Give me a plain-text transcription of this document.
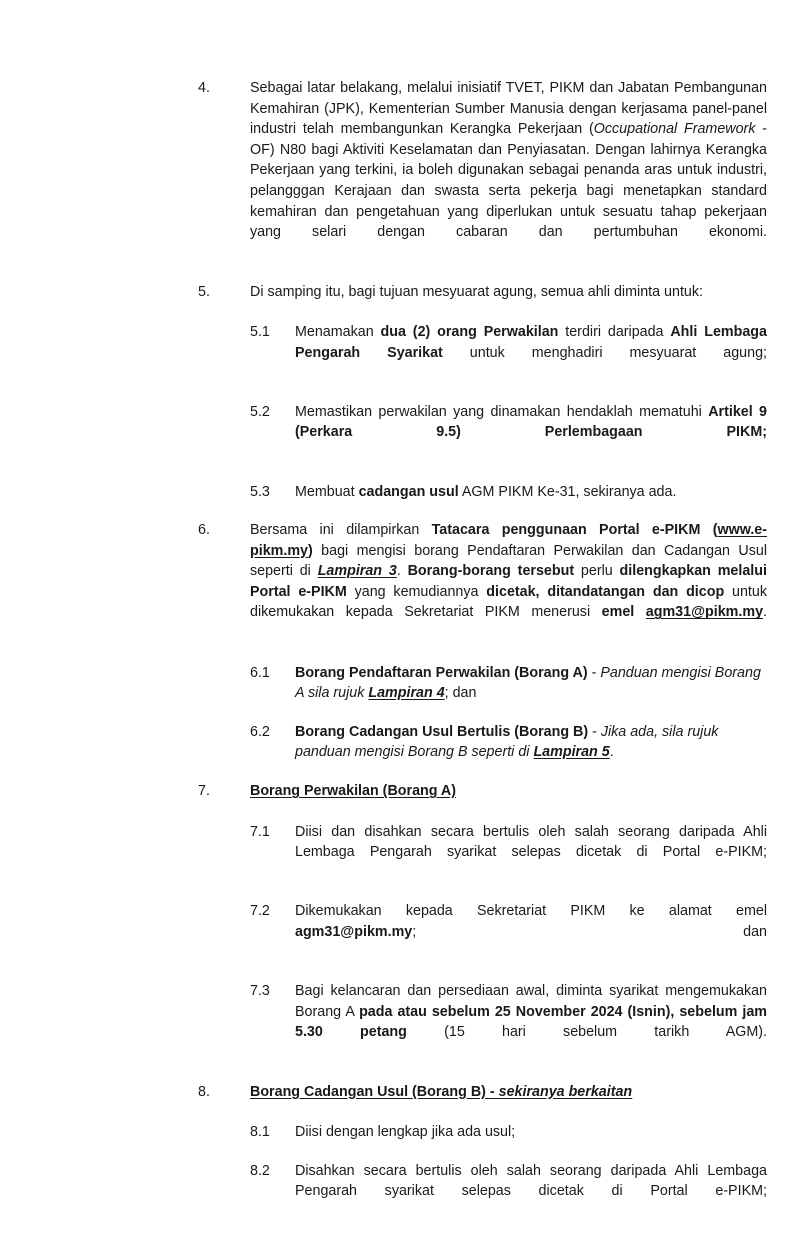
4.	Sebagai latar belakang, melalui inisiatif TVET, PIKM dan Jabatan Pembangunan Kemahiran (JPK), Kementerian Sumber Manusia dengan kerjasama panel-panel industri telah membangunkan Kerangka Pekerjaan (Occupational Framework - OF) N80 bagi Aktiviti Keselamatan dan Penyiasatan. Dengan lahirnya Kerangka Pekerjaan yang terkini, ia boleh digunakan sebagai penanda aras untuk industri, pelangggan Kerajaan dan swasta serta pekerja bagi menetapkan standard kemahiran dan pengetahuan yang diperlukan untuk sesuatu tahap pekerjaan yang selari dengan cabaran dan pertumbuhan ekonomi.
5.	Di samping itu, bagi tujuan mesyuarat agung, semua ahli diminta untuk:
5.1	Menamakan dua (2) orang Perwakilan terdiri daripada Ahli Lembaga Pengarah Syarikat untuk menghadiri mesyuarat agung;
5.2	Memastikan perwakilan yang dinamakan hendaklah mematuhi Artikel 9 (Perkara 9.5) Perlembagaan PIKM;
5.3	Membuat cadangan usul AGM PIKM Ke-31, sekiranya ada.
6.	Bersama ini dilampirkan Tatacara penggunaan Portal e-PIKM (www.e-pikm.my) bagi mengisi borang Pendaftaran Perwakilan dan Cadangan Usul seperti di Lampiran 3. Borang-borang tersebut perlu dilengkapkan melalui Portal e-PIKM yang kemudiannya dicetak, ditandatangan dan dicop untuk dikemukakan kepada Sekretariat PIKM menerusi emel agm31@pikm.my.
6.1	Borang Pendaftaran Perwakilan (Borang A) - Panduan mengisi Borang A sila rujuk Lampiran 4; dan
6.2	Borang Cadangan Usul Bertulis (Borang B) - Jika ada, sila rujuk panduan mengisi Borang B seperti di Lampiran 5.
7.	Borang Perwakilan (Borang A)
7.1	Diisi dan disahkan secara bertulis oleh salah seorang daripada Ahli Lembaga Pengarah syarikat selepas dicetak di Portal e-PIKM;
7.2	Dikemukakan kepada Sekretariat PIKM ke alamat emel agm31@pikm.my; dan
7.3	Bagi kelancaran dan persediaan awal, diminta syarikat mengemukakan Borang A pada atau sebelum 25 November 2024 (Isnin), sebelum jam 5.30 petang (15 hari sebelum tarikh AGM).
8.	Borang Cadangan Usul (Borang B) - sekiranya berkaitan
8.1	Diisi dengan lengkap jika ada usul;
8.2	Disahkan secara bertulis oleh salah seorang daripada Ahli Lembaga Pengarah syarikat selepas dicetak di Portal e-PIKM;
